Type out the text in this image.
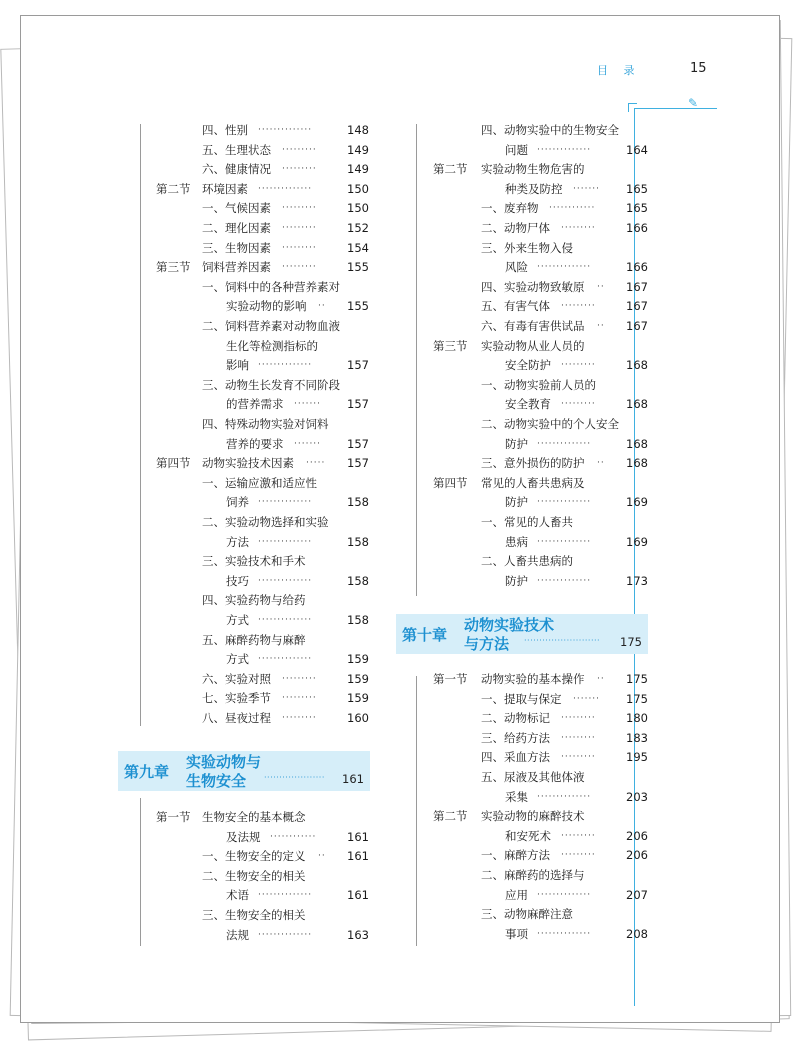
目 录	15
✎
四、性别 ··············	148
五、生理状态 ·········	149
六、健康情况 ·········	149
第二节 环境因素 ··············	150
一、气候因素 ·········	150
二、理化因素 ·········	152
三、生物因素 ·········	154
第三节 饲料营养因素 ·········	155
一、饲料中的各种营养素对
实验动物的影响 ··	155
二、饲料营养素对动物血液
生化等检测指标的
影响 ··············	157
三、动物生长发育不同阶段
的营养需求 ·······	157
四、特殊动物实验对饲料
营养的要求 ·······	157
第四节 动物实验技术因素 ·····	157
一、运输应激和适应性
饲养 ··············	158
二、实验动物选择和实验
方法 ··············	158
三、实验技术和手术
技巧 ··············	158
四、实验药物与给药
方式 ··············	158
五、麻醉药物与麻醉
方式 ··············	159
六、实验对照 ·········	159
七、实验季节 ·········	159
八、昼夜过程 ·········	160
第九章
实验动物与
生物安全 ···················· 161
第一节 生物安全的基本概念
及法规 ············	161
一、生物安全的定义 ··	161
二、生物安全的相关
术语 ··············	161
三、生物安全的相关
法规 ··············	163
四、动物实验中的生物安全
问题 ··············	164
第二节 实验动物生物危害的
种类及防控 ·······	165
一、废弃物 ············	165
二、动物尸体 ·········	166
三、外来生物入侵
风险 ··············	166
四、实验动物致敏原 ··	167
五、有害气体 ·········	167
六、有毒有害供试品 ··	167
第三节 实验动物从业人员的
安全防护 ·········	168
一、动物实验前人员的
安全教育 ·········	168
二、动物实验中的个人安全
防护 ··············	168
三、意外损伤的防护 ··	168
第四节 常见的人畜共患病及
防护 ··············	169
一、常见的人畜共
患病 ··············	169
二、人畜共患病的
防护 ··············	173
第十章
动物实验技术
与方法 ························· 175
第一节 动物实验的基本操作 ··	175
一、提取与保定 ·······	175
二、动物标记 ·········	180
三、给药方法 ·········	183
四、采血方法 ·········	195
五、尿液及其他体液
采集 ··············	203
第二节 实验动物的麻醉技术
和安死术 ·········	206
一、麻醉方法 ·········	206
二、麻醉药的选择与
应用 ··············	207
三、动物麻醉注意
事项 ··············	208
